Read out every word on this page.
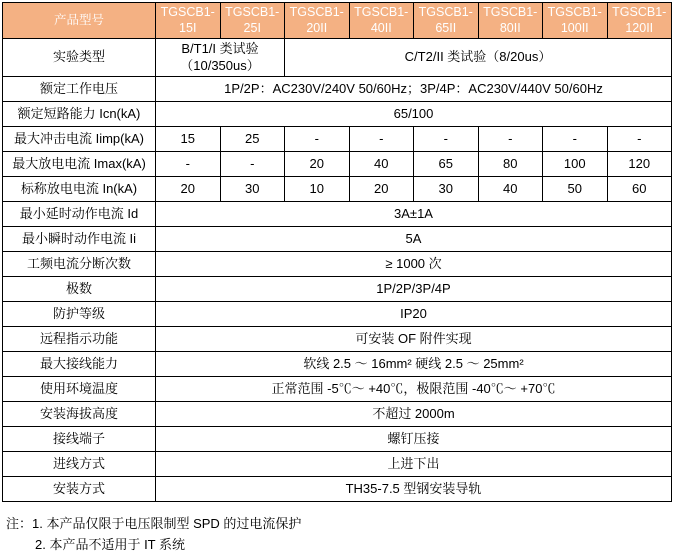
产品型号	TGSCB1-15I	TGSCB1-25I	TGSCB1-20II	TGSCB1-40II	TGSCB1-65II	TGSCB1-80II	TGSCB1-100II	TGSCB1-120II
实验类型	B/T1/I 类试验（10/350us）		C/T2/II 类试验（8/20us）					
额定工作电压	1P/2P：AC230V/240V 50/60Hz；3P/4P：AC230V/440V 50/60Hz							
额定短路能力 Icn(kA)	65/100							
最大冲击电流 Iimp(kA)	15	25	-	-	-	-	-	-
最大放电电流 Imax(kA)	-	-	20	40	65	80	100	120
标称放电电流 In(kA)	20	30	10	20	30	40	50	60
最小延时动作电流 Id	3A±1A							
最小瞬时动作电流 Ii	5A							
工频电流分断次数	≥ 1000 次							
极数	1P/2P/3P/4P							
防护等级	IP20							
远程指示功能	可安装 OF 附件实现							
最大接线能力	软线 2.5 ～ 16mm² 硬线 2.5 ～ 25mm²							
使用环境温度	正常范围 -5℃～ +40℃，极限范围 -40℃～ +70℃							
安装海拔高度	不超过 2000m							
接线端子	螺钉压接							
进线方式	上进下出							
安装方式	TH35-7.5 型钢安装导轨							
注：1. 本产品仅限于电压限制型 SPD 的过电流保护
2. 本产品不适用于 IT 系统
